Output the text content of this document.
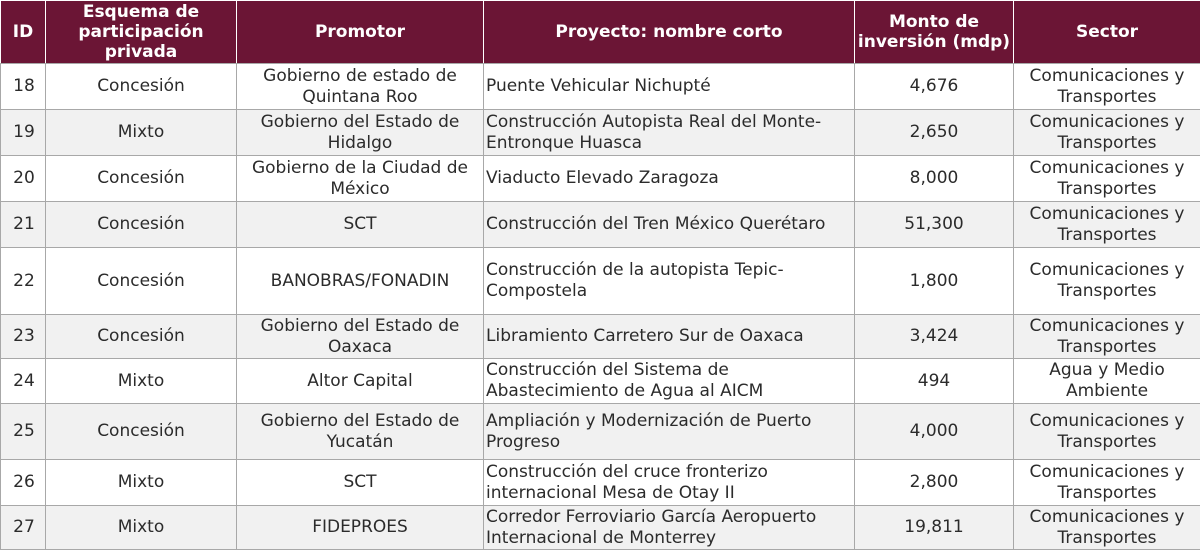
ID	Esquema de participación privada	Promotor	Proyecto: nombre corto	Monto de inversión (mdp)	Sector
18	Concesión	Gobierno de estado de Quintana Roo	Puente Vehicular Nichupté	4,676	Comunicaciones y Transportes
19	Mixto	Gobierno del Estado de Hidalgo	Construcción Autopista Real del Monte-Entronque Huasca	2,650	Comunicaciones y Transportes
20	Concesión	Gobierno de la Ciudad de México	Viaducto Elevado Zaragoza	8,000	Comunicaciones y Transportes
21	Concesión	SCT	Construcción del Tren México Querétaro	51,300	Comunicaciones y Transportes
22	Concesión	BANOBRAS/FONADIN	Construcción de la autopista Tepic-Compostela	1,800	Comunicaciones y Transportes
23	Concesión	Gobierno del Estado de Oaxaca	Libramiento Carretero Sur de Oaxaca	3,424	Comunicaciones y Transportes
24	Mixto	Altor Capital	Construcción del Sistema de Abastecimiento de Agua al AICM	494	Agua y Medio Ambiente
25	Concesión	Gobierno del Estado de Yucatán	Ampliación y Modernización de Puerto Progreso	4,000	Comunicaciones y Transportes
26	Mixto	SCT	Construcción del cruce fronterizo internacional Mesa de Otay II	2,800	Comunicaciones y Transportes
27	Mixto	FIDEPROES	Corredor Ferroviario García Aeropuerto Internacional de Monterrey	19,811	Comunicaciones y Transportes
